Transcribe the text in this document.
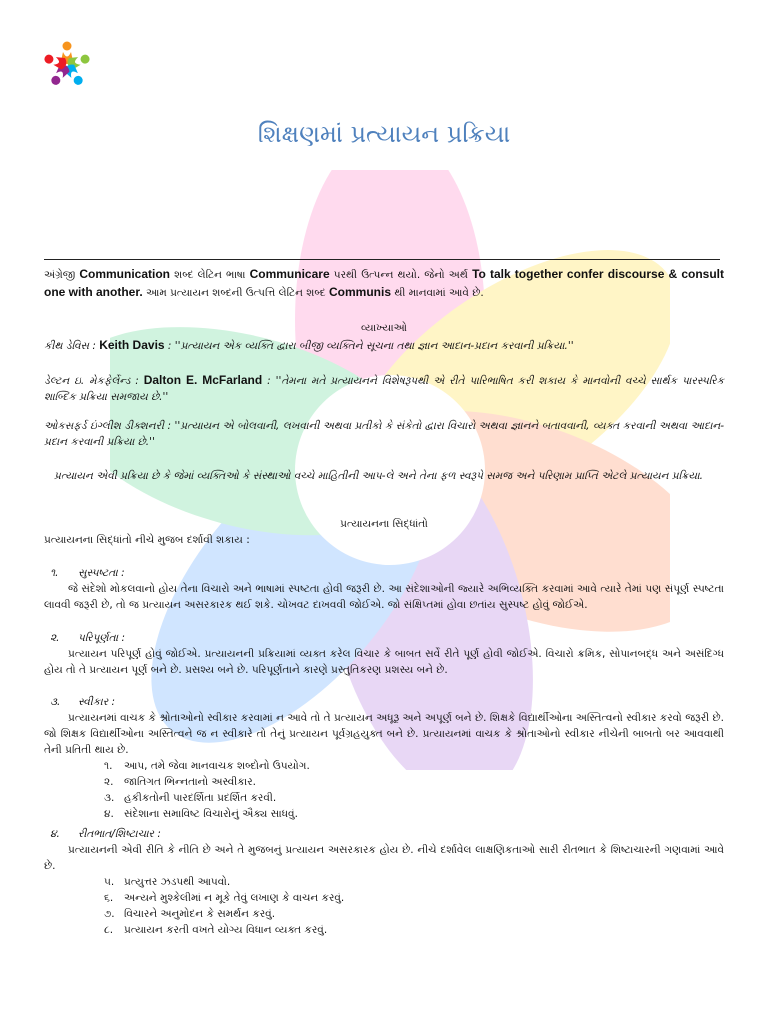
શિક્ષણમાં પ્રત્યાયન પ્રક્રિયા
અંગ્રેજી Communication શબ્દ લેટિન ભાષા Communicare પરથી ઉત્પન્ન થયો. જેનો અર્થ To talk together confer discourse & consult one with another. આમ પ્રત્યાયન શબ્દની ઉત્પત્તિ લેટિન શબ્દ Communis થી માનવામાં આવે છે.
વ્યાખ્યાઓ
કીથ ડેવિસ : Keith Davis : ''પ્રત્યાયન એક વ્યક્તિ દ્વારા બીજી વ્યક્તિને સૂચના તથા જ્ઞાન આદાન-પ્રદાન કરવાની પ્રક્રિયા.''
ડેલ્ટન ઇ. મેકફેર્લેન્ડ : Dalton E. McFarland : ''તેમના મતે પ્રત્યાયનને વિશેષરૂપથી એ રીતે પારિભાષિત કરી શકાય કે માનવોની વચ્ચે સાર્થક પારસ્પરિક શાબ્દિક પ્રક્રિયા સમજાય છે.''
ઓકસફર્ડ ઇંગ્લીશ ડીક્શનરી : ''પ્રત્યાયન એ બોલવાની, લખવાની અથવા પ્રતીકો કે સંકેતો દ્વારા વિચારો અથવા જ્ઞાનને બતાવવાની, વ્યક્ત કરવાની અથવા આદાન-પ્રદાન કરવાની પ્રક્રિયા છે.''
પ્રત્યાયન એવી પ્રક્રિયા છે કે જેમાં વ્યક્તિઓ કે સંસ્થાઓ વચ્ચે માહિતીની આપ-લે અને તેના ફળ સ્વરૂપે સમજ અને પરિણામ પ્રાપ્તિ એટલે પ્રત્યાયન પ્રક્રિયા.
પ્રત્યાયનના સિદ્ધાંતો
પ્રત્યાયનના સિદ્ધાંતો નીચે મુજબ દર્શાવી શકાય :
૧. સુસ્પષ્ટતા :
જે સંદેશો મોકલવાનો હોય તેના વિચારો અને ભાષામાં સ્પષ્ટતા હોવી જરૂરી છે. આ સંદેશાઓની જ્યારે અભિવ્યક્તિ કરવામાં આવે ત્યારે તેમાં પણ સંપૂર્ણ સ્પષ્ટતા લાવવી જરૂરી છે, તો જ પ્રત્યાયન અસરકારક થઈ શકે. ચોખવટ દાખવવી જોઈએ. જો સંક્ષિપ્તમાં હોવા છતાંય સુસ્પષ્ટ હોવું જોઈએ.
૨. પરિપૂર્ણતા :
પ્રત્યાયન પરિપૂર્ણ હોવું જોઈએ. પ્રત્યાયનની પ્રક્રિયામાં વ્યક્ત કરેલ વિચાર કે બાબત સર્વે રીતે પૂર્ણ હોવી જોઈએ. વિચારો ક્રમિક, સોપાનબદ્ધ અને અસંદિગ્ધ હોય તો તે પ્રત્યાયન પૂર્ણ બને છે. પ્રસશ્ય બને છે. પરિપૂર્ણતાને કારણે પ્રસ્તુતિકરણ પ્રશસ્ય બને છે.
૩. સ્વીકાર :
પ્રત્યાયનમાં વાચક કે શ્રોતાઓનો સ્વીકાર કરવામાં ન આવે તો તે પ્રત્યાયન અધૂરૂ અને અપૂર્ણ બને છે. શિક્ષકે વિદ્યાર્થીઓના અસ્તિત્વનો સ્વીકાર કરવો જરૂરી છે. જો શિક્ષક વિદ્યાર્થીઓના અસ્તિત્વને જ ન સ્વીકારે તો તેનું પ્રત્યાયન પૂર્વગ્રહયુક્ત બને છે. પ્રત્યાયનમાં વાચક કે શ્રોતાઓનો સ્વીકાર નીચેની બાબતો બર આવવાથી તેની પ્રતિતી થાય છે.
૧. આપ, તમે જેવા માનવાચક શબ્દોનો ઉપયોગ.
૨. જાતિગત ભિન્નતાનો અસ્વીકાર.
૩. હકીકતોની પારદર્શિતા પ્રદર્શિત કરવી.
૪. સંદેશાના સમાવિષ્ટ વિચારોનું ઐક્ય સાધવું.
૪. રીતભાત/શિષ્ટાચાર :
પ્રત્યાયનની એવી રીતિ કે નીતિ છે અને તે મુજબનું પ્રત્યાયન અસરકારક હોય છે. નીચે દર્શાવેલ લાક્ષણિકતાઓ સારી રીતભાત કે શિષ્ટાચારની ગણવામાં આવે છે.
૫. પ્રત્યુત્તર ઝડપથી આપવો.
૬. અન્યને મુશ્કેલીમાં ન મૂકે તેવું લખાણ કે વાચન કરવું.
૭. વિચારને અનુમોદન કે સમર્થન કરવું.
૮. પ્રત્યાયન કરતી વખતે યોગ્ય વિધાન વ્યક્ત કરવું.
